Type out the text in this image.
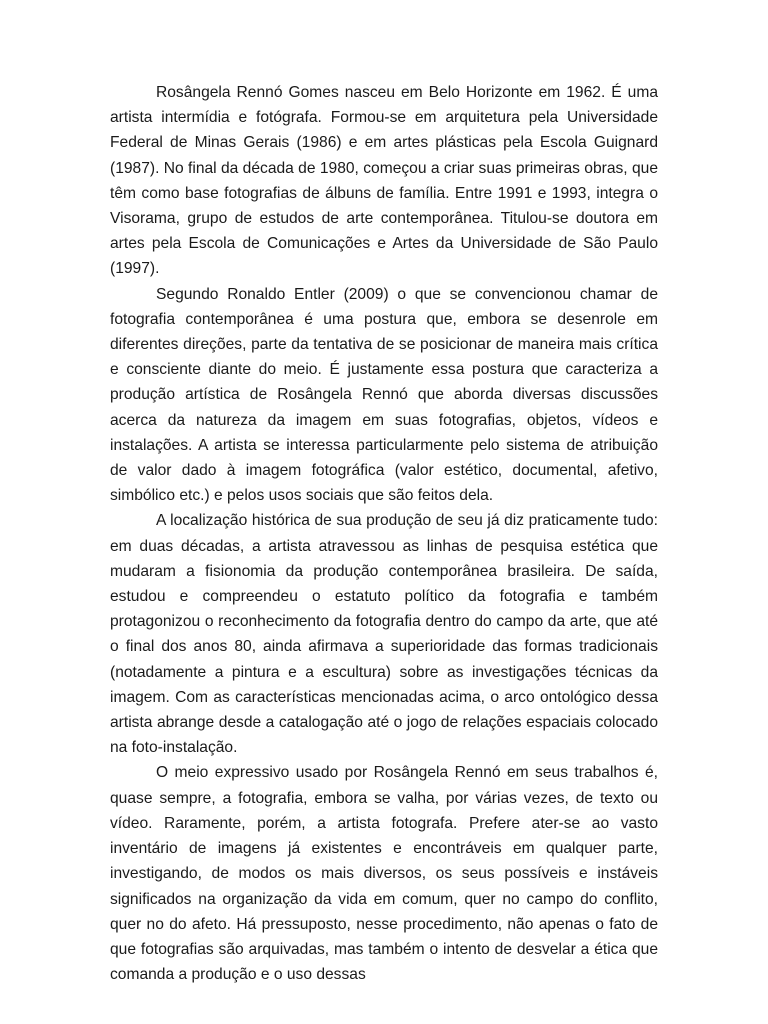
Rosângela Rennó Gomes nasceu em Belo Horizonte em 1962. É uma artista intermídia e fotógrafa. Formou-se em arquitetura pela Universidade Federal de Minas Gerais (1986) e em artes plásticas pela Escola Guignard (1987). No final da década de 1980, começou a criar suas primeiras obras, que têm como base fotografias de álbuns de família. Entre 1991 e 1993, integra o Visorama, grupo de estudos de arte contemporânea. Titulou-se doutora em artes pela Escola de Comunicações e Artes da Universidade de São Paulo (1997).

Segundo Ronaldo Entler (2009) o que se convencionou chamar de fotografia contemporânea é uma postura que, embora se desenrole em diferentes direções, parte da tentativa de se posicionar de maneira mais crítica e consciente diante do meio. É justamente essa postura que caracteriza a produção artística de Rosângela Rennó que aborda diversas discussões acerca da natureza da imagem em suas fotografias, objetos, vídeos e instalações. A artista se interessa particularmente pelo sistema de atribuição de valor dado à imagem fotográfica (valor estético, documental, afetivo, simbólico etc.) e pelos usos sociais que são feitos dela.

A localização histórica de sua produção de seu já diz praticamente tudo: em duas décadas, a artista atravessou as linhas de pesquisa estética que mudaram a fisionomia da produção contemporânea brasileira. De saída, estudou e compreendeu o estatuto político da fotografia e também protagonizou o reconhecimento da fotografia dentro do campo da arte, que até o final dos anos 80, ainda afirmava a superioridade das formas tradicionais (notadamente a pintura e a escultura) sobre as investigações técnicas da imagem. Com as características mencionadas acima, o arco ontológico dessa artista abrange desde a catalogação até o jogo de relações espaciais colocado na foto-instalação.

O meio expressivo usado por Rosângela Rennó em seus trabalhos é, quase sempre, a fotografia, embora se valha, por várias vezes, de texto ou vídeo. Raramente, porém, a artista fotografa. Prefere ater-se ao vasto inventário de imagens já existentes e encontráveis em qualquer parte, investigando, de modos os mais diversos, os seus possíveis e instáveis significados na organização da vida em comum, quer no campo do conflito, quer no do afeto. Há pressuposto, nesse procedimento, não apenas o fato de que fotografias são arquivadas, mas também o intento de desvelar a ética que comanda a produção e o uso dessas
